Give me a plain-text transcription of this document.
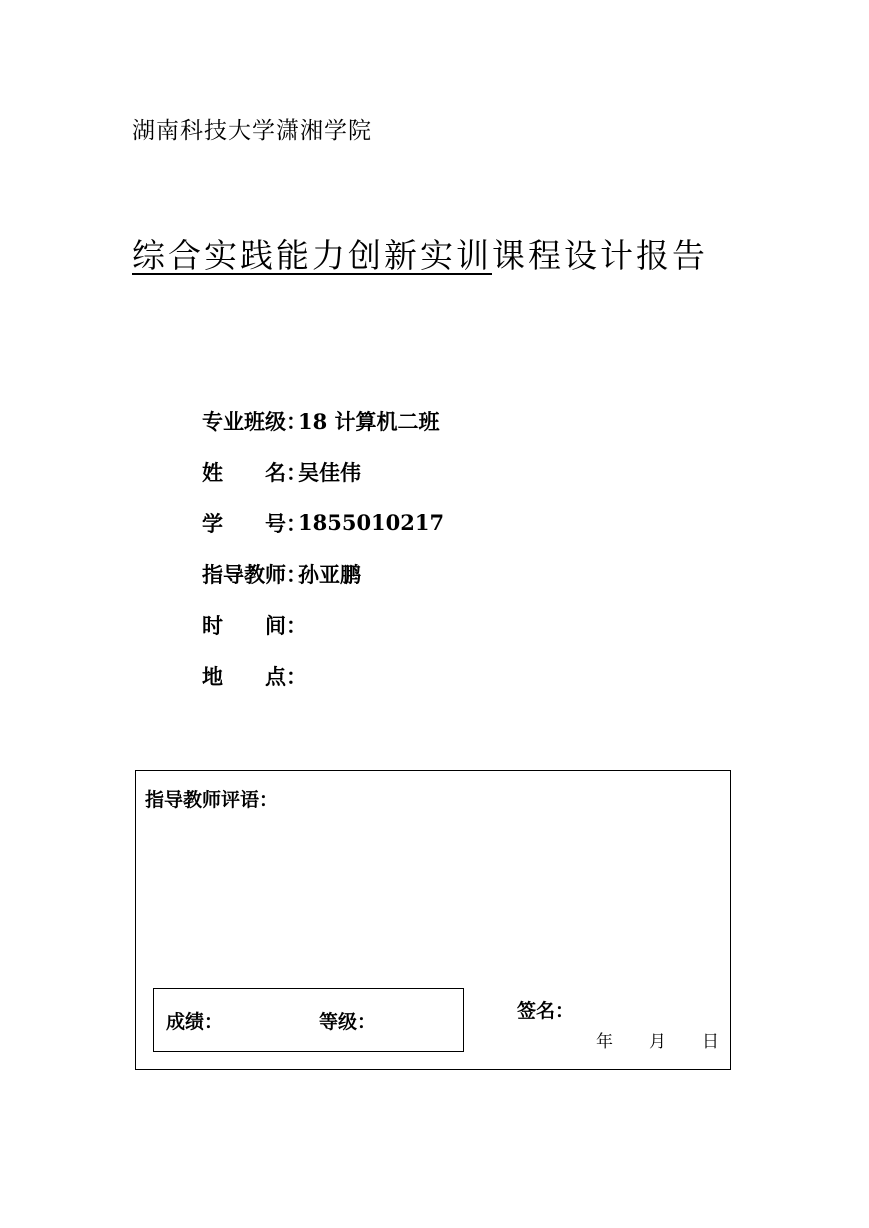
湖南科技大学潇湘学院
综合实践能力创新实训课程设计报告
专业班级：
18 计算机二班
姓　　名：
吴佳伟
学　　号：
1855010217
指导教师：
孙亚鹏
时　　间：
地　　点：
指导教师评语：
成绩：	等级：	签名：
年 月 日
